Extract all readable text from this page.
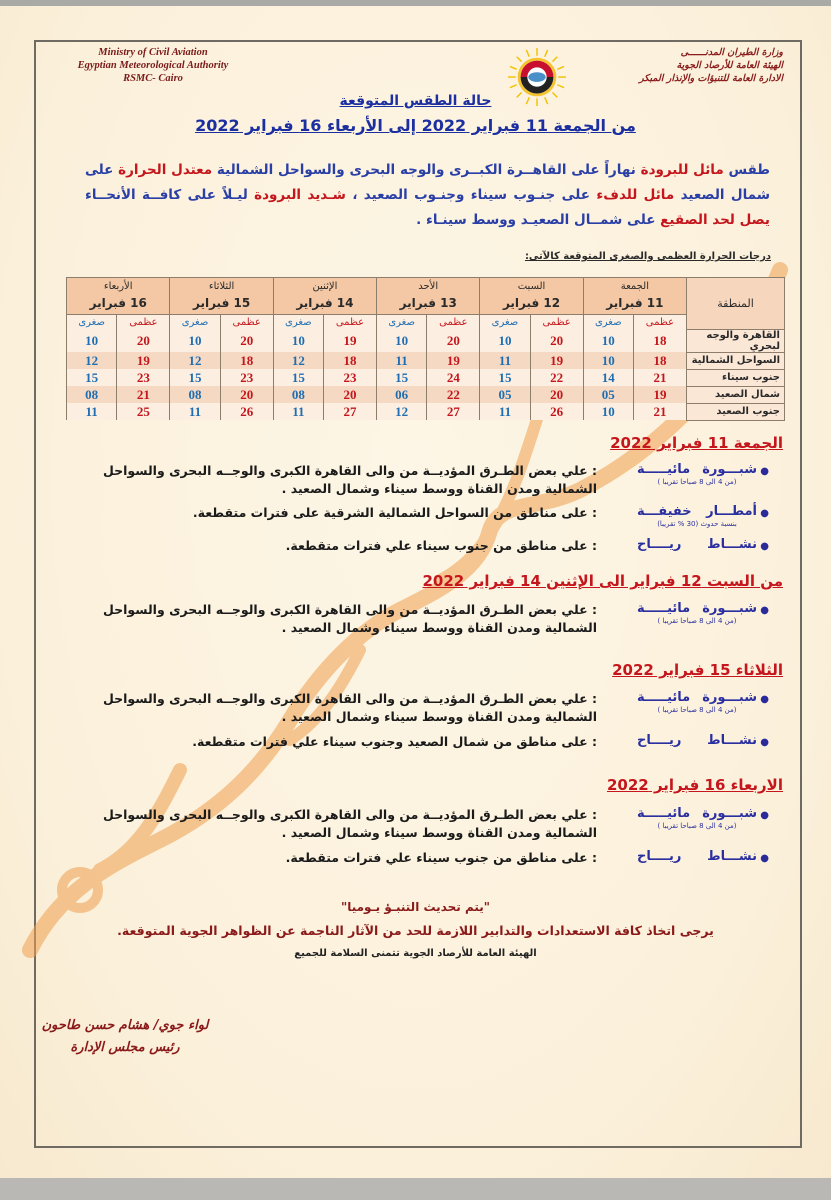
Ministry of Civil Aviation
Egyptian Meteorological Authority
RSMC- Cairo
وزارة الطيران المدنــــــى
الهيئة العامة للأرصاد الجوية
الادارة العامة للتنبؤات والإنذار المبكر
حالة الطقس المتوقعة
من الجمعة 11 فبراير 2022 إلى الأربعاء 16 فبراير 2022
طقس مائل للبرودة نهاراً على القاهــرة الكبــرى والوجه البحرى والسواحل الشمالية معتدل الحرارة على شمال الصعيد مائل للدفء على جنـوب سيناء وجنـوب الصعيد ، شـديد البرودة ليـلاً على كافــة الأنحــاء يصل لحد الصقيع على شمــال الصعيـد ووسط سينـاء .
درجات الحرارة العظمى والصغرى المتوقعة كالآتى:
المنطقة	الجمعة
11 فبراير		السبت
12 فبراير		الأحد
13 فبراير		الإثنين
14 فبراير		الثلاثاء
15 فبراير		الأربعاء
16 فبراير	
	عظمى	صغرى	عظمى	صغرى	عظمى	صغرى	عظمى	صغرى	عظمى	صغرى	عظمى	صغرى
القاهرة والوجه لبحري	18	10	20	10	20	10	19	10	20	10	20	10
السواحل الشمالية	18	10	19	11	19	11	18	12	18	12	19	12
جنوب سيناء	21	14	22	15	24	15	23	15	23	15	23	15
شمال الصعيد	19	05	20	05	22	06	20	08	20	08	21	08
جنوب الصعيد	21	10	26	11	27	12	27	11	26	11	25	11
الجمعة 11 فبراير 2022
●
شبـــورة مائيـــــة
(من 4 الى 8 صباحا تقريبا )
: علي بعض الطـرق المؤديــة من والى القاهرة الكبرى والوجــه البحرى والسواحل الشمالية ومدن القناة ووسط سيناء وشمال الصعيد .
●
أمطـــار خفيفـــة
بنسبة حدوث (30 % تقريبا)
: على مناطق من السواحل الشمالية الشرقية على فترات متقطعة.
●
نشـــاط ريــــاح
: على مناطق من جنوب سيناء علي فترات متقطعة.
من السبت 12 فبراير الى الإثنين 14 فبراير 2022
●
شبـــورة مائيـــــة
(من 4 الى 8 صباحا تقريبا )
: علي بعض الطـرق المؤديــة من والى القاهرة الكبرى والوجــه البحرى والسواحل الشمالية ومدن القناة ووسط سيناء وشمال الصعيد .
الثلاثاء 15 فبراير 2022
●
شبـــورة مائيـــــة
(من 4 الى 8 صباحا تقريبا )
: علي بعض الطـرق المؤديــة من والى القاهرة الكبرى والوجــه البحرى والسواحل الشمالية ومدن القناة ووسط سيناء وشمال الصعيد .
●
نشـــاط ريــــاح
: على مناطق من شمال الصعيد وجنوب سيناء علي فترات متقطعة.
الاربعاء 16 فبراير 2022
●
شبـــورة مائيـــــة
(من 4 الى 8 صباحا تقريبا )
: علي بعض الطـرق المؤديــة من والى القاهرة الكبرى والوجــه البحرى والسواحل الشمالية ومدن القناة ووسط سيناء وشمال الصعيد .
●
نشـــاط ريــــاح
: على مناطق من جنوب سيناء علي فترات متقطعة.
"يتم تحديث التنبـؤ يـوميا"
يرجى اتخاذ كافة الاستعدادات والتدابير اللازمة للحد من الآثار الناجمة عن الظواهر الجوية المتوقعة.
الهيئة العامة للأرصاد الجوية تتمنى السلامة للجميع
لواء جوي/ هشام حسن طاحون
رئيس مجلس الإدارة
